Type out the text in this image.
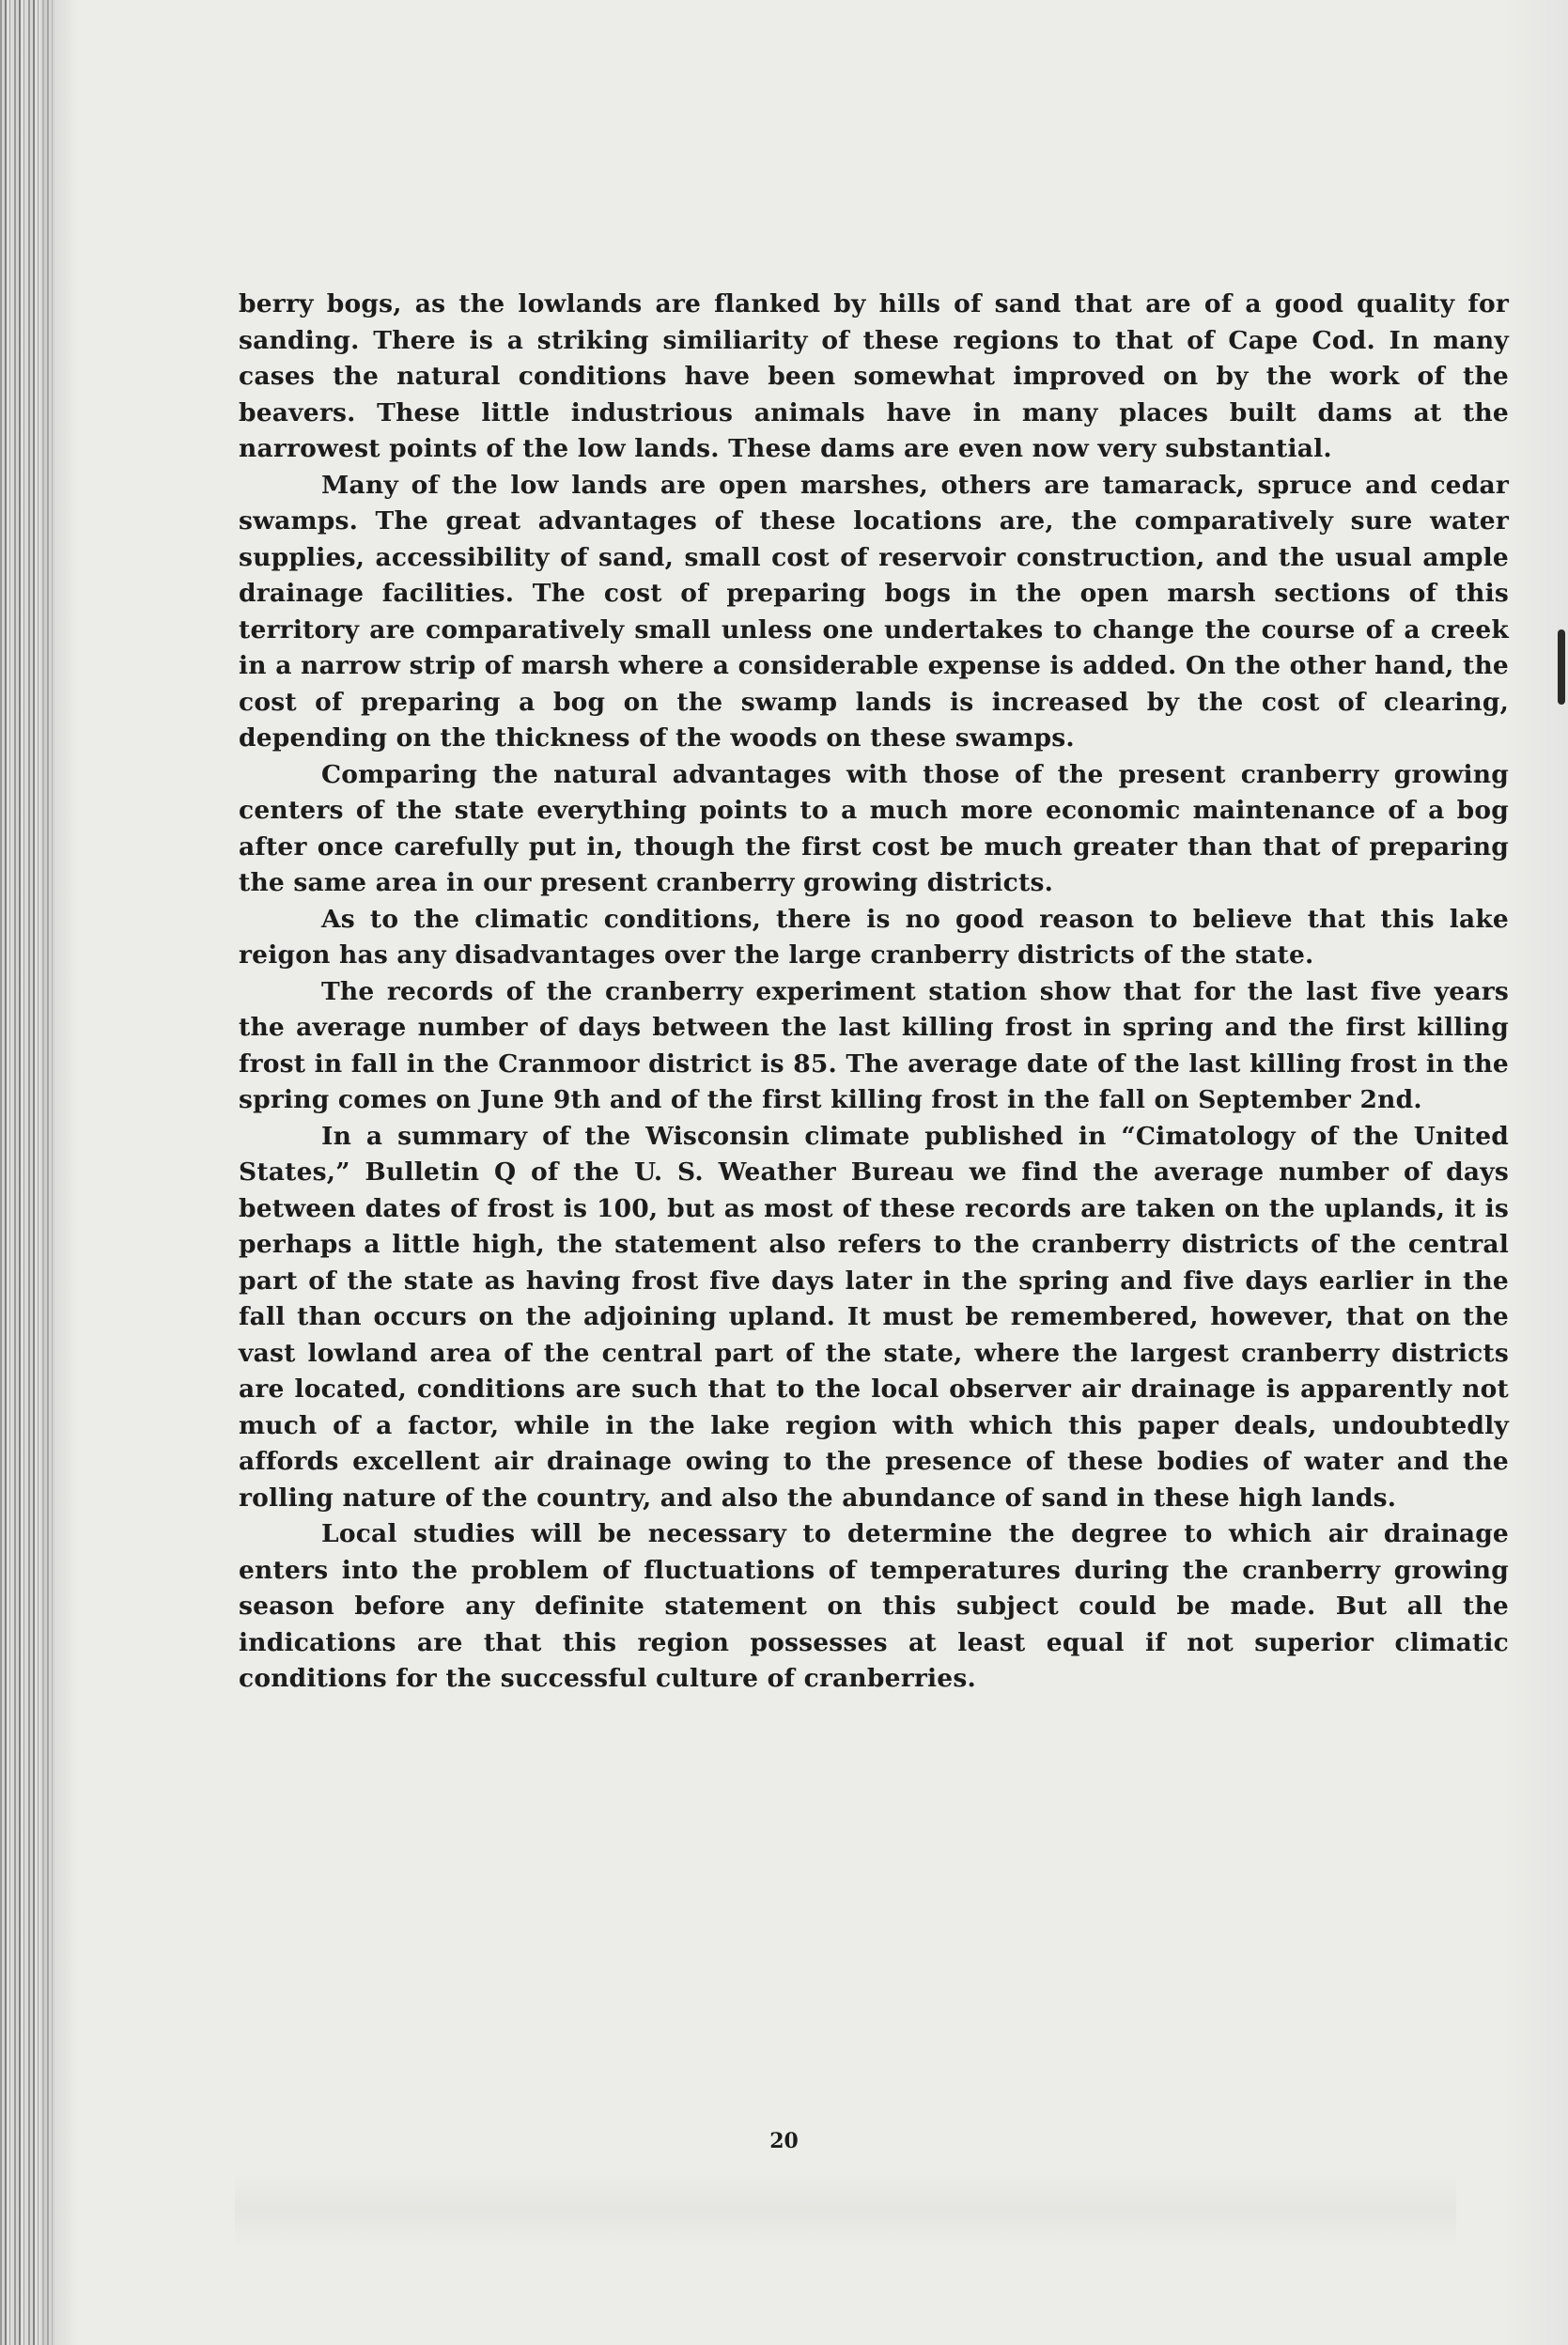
berry bogs, as the lowlands are flanked by hills of sand that are of a good quality for sanding. There is a striking similiarity of these regions to that of Cape Cod. In many cases the natural conditions have been somewhat improved on by the work of the beavers. These little industrious animals have in many places built dams at the narrowest points of the low lands. These dams are even now very substantial.

Many of the low lands are open marshes, others are tamarack, spruce and cedar swamps. The great advantages of these locations are, the comparatively sure water supplies, accessibility of sand, small cost of reservoir construction, and the usual ample drainage facilities. The cost of preparing bogs in the open marsh sections of this territory are comparatively small unless one undertakes to change the course of a creek in a narrow strip of marsh where a considerable expense is added. On the other hand, the cost of preparing a bog on the swamp lands is increased by the cost of clearing, depending on the thickness of the woods on these swamps.

Comparing the natural advantages with those of the present cranberry growing centers of the state everything points to a much more economic maintenance of a bog after once carefully put in, though the first cost be much greater than that of preparing the same area in our present cranberry growing districts.

As to the climatic conditions, there is no good reason to believe that this lake reigon has any disadvantages over the large cranberry districts of the state.

The records of the cranberry experiment station show that for the last five years the average number of days between the last killing frost in spring and the first killing frost in fall in the Cranmoor district is 85. The average date of the last killing frost in the spring comes on June 9th and of the first killing frost in the fall on September 2nd.

In a summary of the Wisconsin climate published in “Cimatology of the United States,” Bulletin Q of the U. S. Weather Bureau we find the average number of days between dates of frost is 100, but as most of these records are taken on the uplands, it is perhaps a little high, the statement also refers to the cranberry districts of the central part of the state as having frost five days later in the spring and five days earlier in the fall than occurs on the adjoining upland. It must be remembered, however, that on the vast lowland area of the central part of the state, where the largest cranberry districts are located, conditions are such that to the local observer air drainage is apparently not much of a factor, while in the lake region with which this paper deals, undoubtedly affords excellent air drainage owing to the presence of these bodies of water and the rolling nature of the country, and also the abundance of sand in these high lands.

Local studies will be necessary to determine the degree to which air drainage enters into the problem of fluctuations of temperatures during the cranberry growing season before any definite statement on this subject could be made. But all the indications are that this region possesses at least equal if not superior climatic conditions for the successful culture of cranberries.

20
